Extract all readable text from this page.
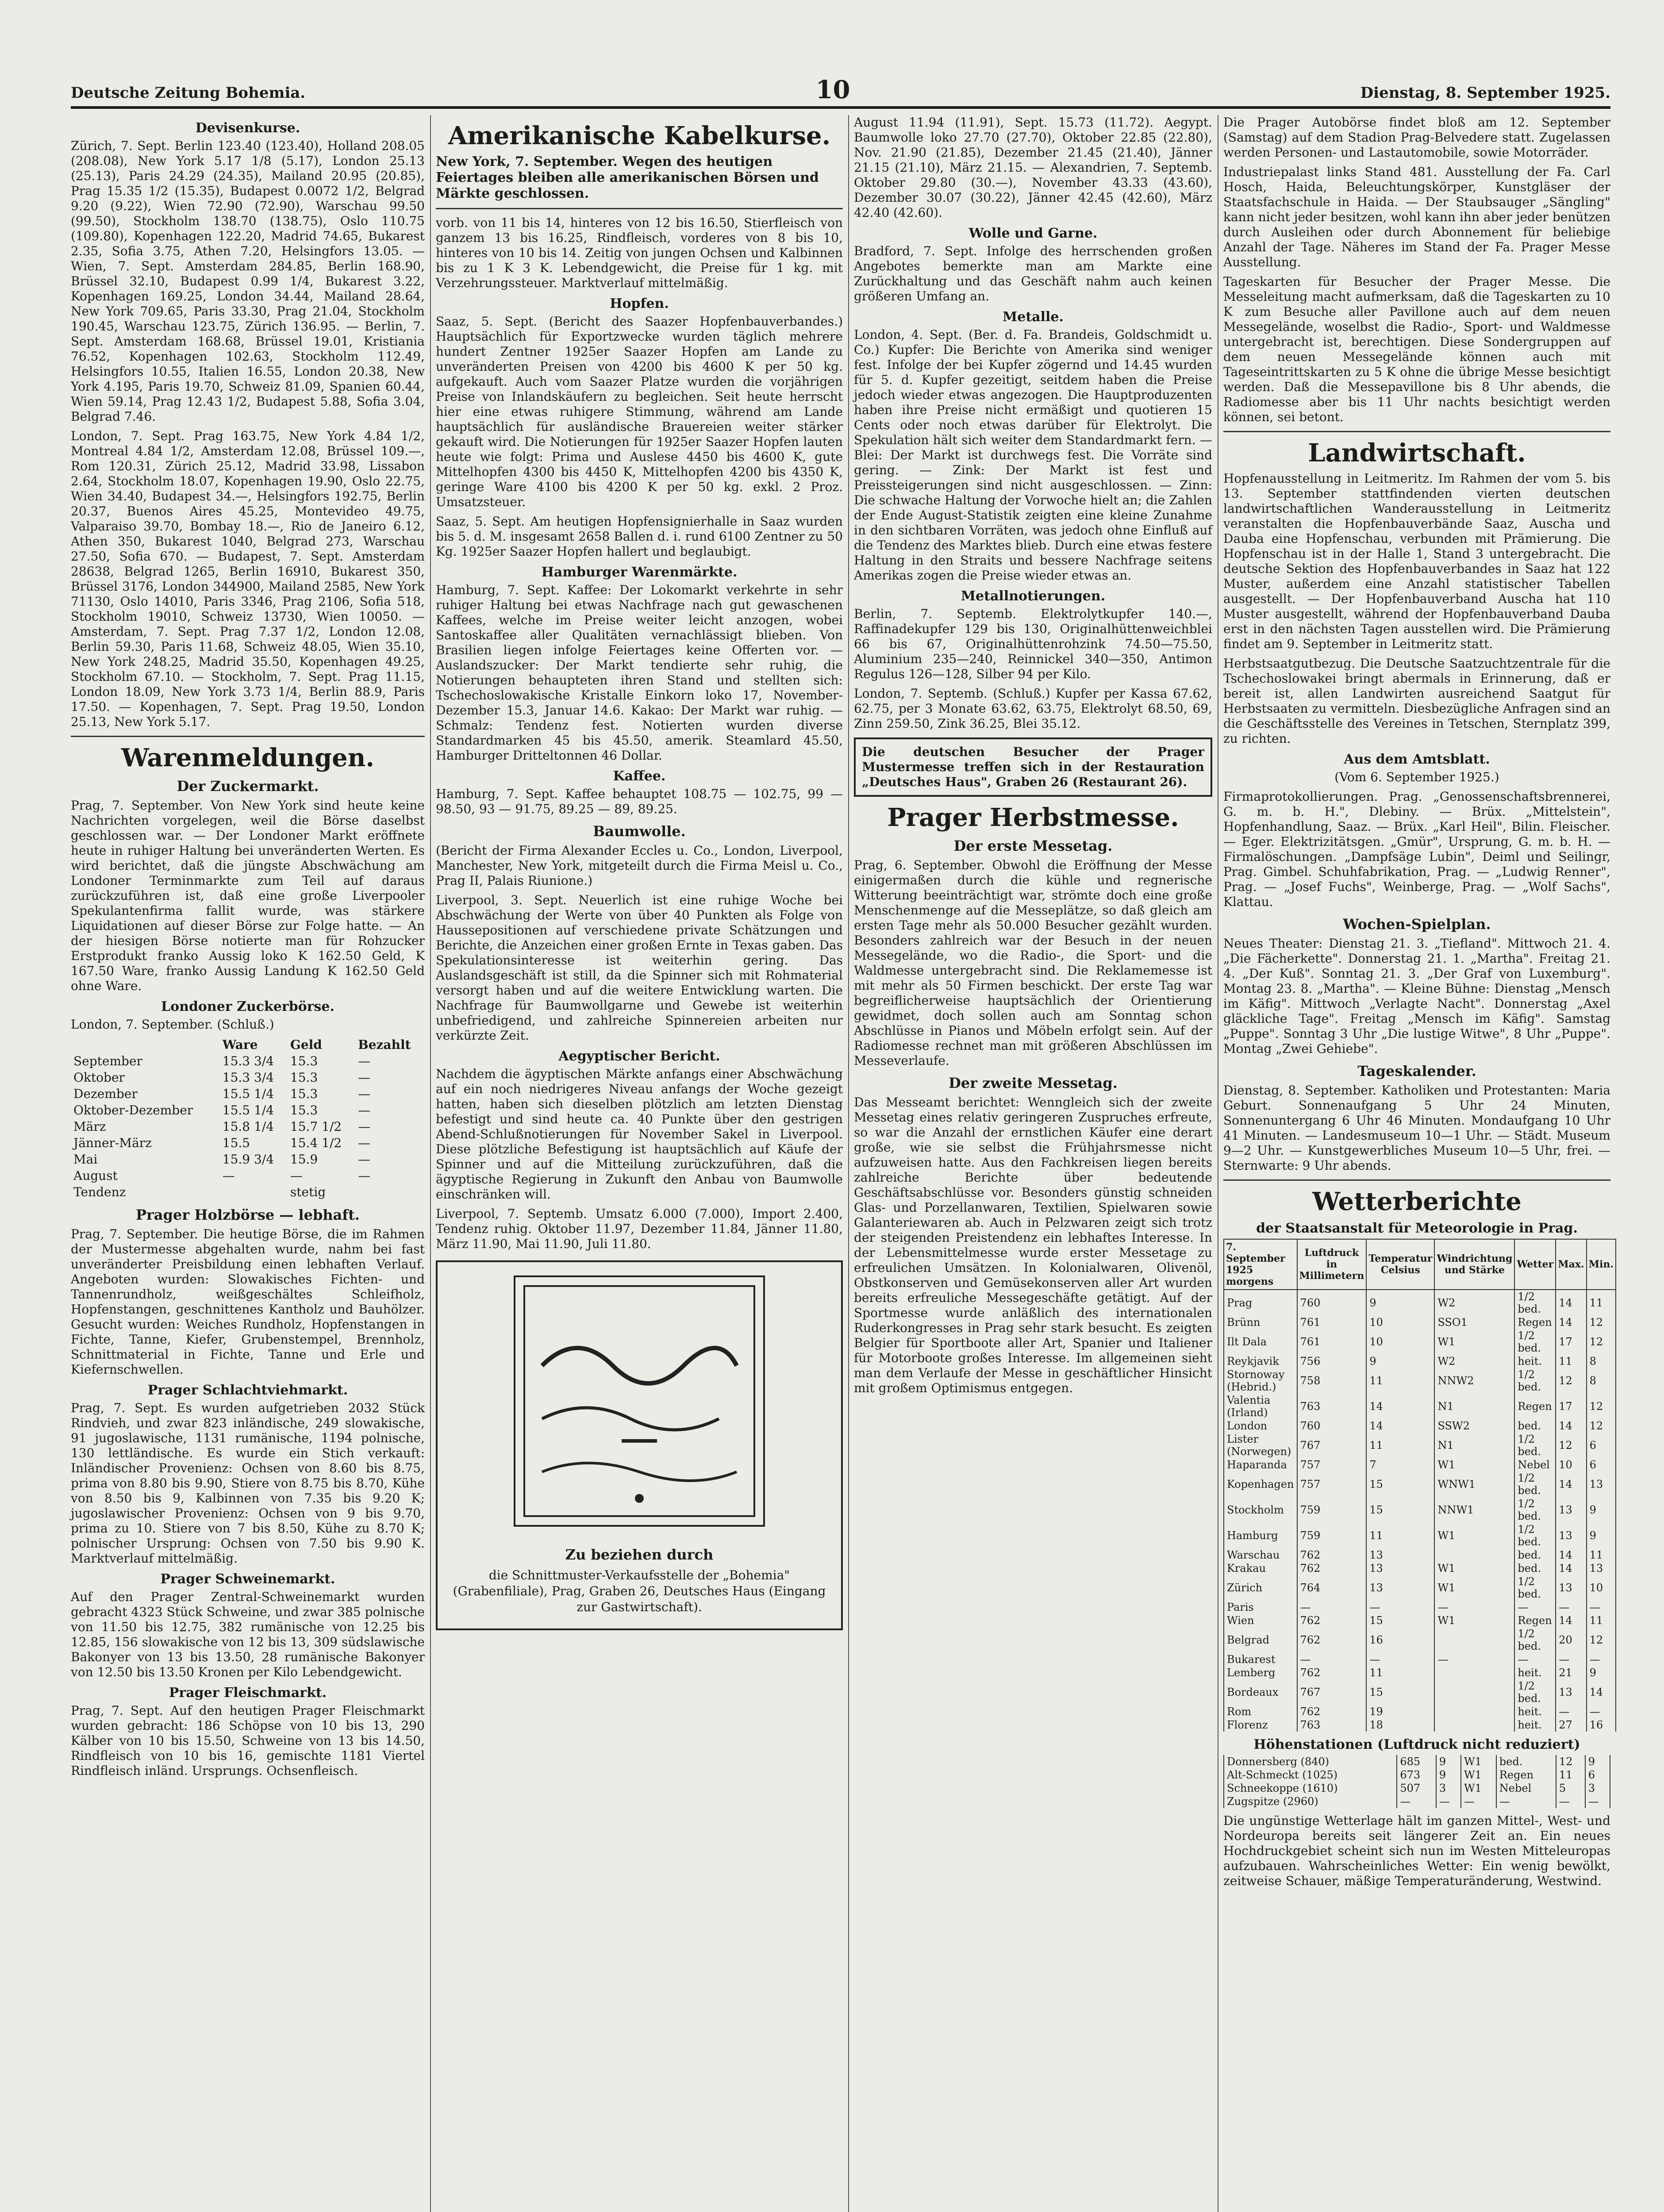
Deutsche Zeitung Bohemia.	10	Dienstag, 8. September 1925.
Devisenkurse.

Zürich, 7. Sept. Berlin 123.40 (123.40), Holland 208.05 (208.08), New York 5.17 1/8 (5.17), London 25.13 (25.13), Paris 24.29 (24.35), Mailand 20.95 (20.85), Prag 15.35 1/2 (15.35), Budapest 0.0072 1/2, Belgrad 9.20 (9.22), Wien 72.90 (72.90), Warschau 99.50 (99.50), Stockholm 138.70 (138.75), Oslo 110.75 (109.80), Kopenhagen 122.20, Madrid 74.65, Bukarest 2.35, Sofia 3.75, Athen 7.20, Helsingfors 13.05. — Wien, 7. Sept. Amsterdam 284.85, Berlin 168.90, Brüssel 32.10, Budapest 0.99 1/4, Bukarest 3.22, Kopenhagen 169.25, London 34.44, Mailand 28.64, New York 709.65, Paris 33.30, Prag 21.04, Stockholm 190.45, Warschau 123.75, Zürich 136.95. — Berlin, 7. Sept. Amsterdam 168.68, Brüssel 19.01, Kristiania 76.52, Kopenhagen 102.63, Stockholm 112.49, Helsingfors 10.55, Italien 16.55, London 20.38, New York 4.195, Paris 19.70, Schweiz 81.09, Spanien 60.44, Wien 59.14, Prag 12.43 1/2, Budapest 5.88, Sofia 3.04, Belgrad 7.46.

London, 7. Sept. Prag 163.75, New York 4.84 1/2, Montreal 4.84 1/2, Amsterdam 12.08, Brüssel 109.—, Rom 120.31, Zürich 25.12, Madrid 33.98, Lissabon 2.64, Stockholm 18.07, Kopenhagen 19.90, Oslo 22.75, Wien 34.40, Budapest 34.—, Helsingfors 192.75, Berlin 20.37, Buenos Aires 45.25, Montevideo 49.75, Valparaiso 39.70, Bombay 18.—, Rio de Janeiro 6.12, Athen 350, Bukarest 1040, Belgrad 273, Warschau 27.50, Sofia 670. — Budapest, 7. Sept. Amsterdam 28638, Belgrad 1265, Berlin 16910, Bukarest 350, Brüssel 3176, London 344900, Mailand 2585, New York 71130, Oslo 14010, Paris 3346, Prag 2106, Sofia 518, Stockholm 19010, Schweiz 13730, Wien 10050. — Amsterdam, 7. Sept. Prag 7.37 1/2, London 12.08, Berlin 59.30, Paris 11.68, Schweiz 48.05, Wien 35.10, New York 248.25, Madrid 35.50, Kopenhagen 49.25, Stockholm 67.10. — Stockholm, 7. Sept. Prag 11.15, London 18.09, New York 3.73 1/4, Berlin 88.9, Paris 17.50. — Kopenhagen, 7. Sept. Prag 19.50, London 25.13, New York 5.17.

Warenmeldungen.
Der Zuckermarkt.

Prag, 7. September. Von New York sind heute keine Nachrichten vorgelegen, weil die Börse daselbst geschlossen war. — Der Londoner Markt eröffnete heute in ruhiger Haltung bei unveränderten Werten. Es wird berichtet, daß die jüngste Abschwächung am Londoner Terminmarkte zum Teil auf daraus zurückzuführen ist, daß eine große Liverpooler Spekulantenfirma fallit wurde, was stärkere Liquidationen auf dieser Börse zur Folge hatte. — An der hiesigen Börse notierte man für Rohzucker Erstprodukt franko Aussig loko K 162.50 Geld, K 167.50 Ware, franko Aussig Landung K 162.50 Geld ohne Ware.

Londoner Zuckerbörse.

London, 7. September. (Schluß.)

	Ware	Geld	Bezahlt
September	15.3 3/4	15.3	—
Oktober	15.3 3/4	15.3	—
Dezember	15.5 1/4	15.3	—
Oktober-Dezember	15.5 1/4	15.3	—
März	15.8 1/4	15.7 1/2	—
Jänner-März	15.5	15.4 1/2	—
Mai	15.9 3/4	15.9	—
August	—	—	—
Tendenz		stetig	
Prager Holzbörse — lebhaft.

Prag, 7. September. Die heutige Börse, die im Rahmen der Mustermesse abgehalten wurde, nahm bei fast unveränderter Preisbildung einen lebhaften Verlauf. Angeboten wurden: Slowakisches Fichten- und Tannenrundholz, weißgeschältes Schleifholz, Hopfenstangen, geschnittenes Kantholz und Bauhölzer. Gesucht wurden: Weiches Rundholz, Hopfenstangen in Fichte, Tanne, Kiefer, Grubenstempel, Brennholz, Schnittmaterial in Fichte, Tanne und Erle und Kiefernschwellen.

Prager Schlachtviehmarkt.

Prag, 7. Sept. Es wurden aufgetrieben 2032 Stück Rindvieh, und zwar 823 inländische, 249 slowakische, 91 jugoslawische, 1131 rumänische, 1194 polnische, 130 lettländische. Es wurde ein Stich verkauft: Inländischer Provenienz: Ochsen von 8.60 bis 8.75, prima von 8.80 bis 9.90, Stiere von 8.75 bis 8.70, Kühe von 8.50 bis 9, Kalbinnen von 7.35 bis 9.20 K; jugoslawischer Provenienz: Ochsen von 9 bis 9.70, prima zu 10. Stiere von 7 bis 8.50, Kühe zu 8.70 K; polnischer Ursprung: Ochsen von 7.50 bis 9.90 K. Marktverlauf mittelmäßig.

Prager Schweinemarkt.

Auf den Prager Zentral-Schweinemarkt wurden gebracht 4323 Stück Schweine, und zwar 385 polnische von 11.50 bis 12.75, 382 rumänische von 12.25 bis 12.85, 156 slowakische von 12 bis 13, 309 südslawische Bakonyer von 13 bis 13.50, 28 rumänische Bakonyer von 12.50 bis 13.50 Kronen per Kilo Lebendgewicht.

Prager Fleischmarkt.

Prag, 7. Sept. Auf den heutigen Prager Fleischmarkt wurden gebracht: 186 Schöpse von 10 bis 13, 290 Kälber von 10 bis 15.50, Schweine von 13 bis 14.50, Rindfleisch von 10 bis 16, gemischte 1181 Viertel Rindfleisch inländ. Ursprungs. Ochsenfleisch.

Amerikanische Kabelkurse.

New York, 7. September. Wegen des heutigen Feiertages bleiben alle amerikanischen Börsen und Märkte geschlossen.

vorb. von 11 bis 14, hinteres von 12 bis 16.50, Stierfleisch von ganzem 13 bis 16.25, Rindfleisch, vorderes von 8 bis 10, hinteres von 10 bis 14. Zeitig von jungen Ochsen und Kalbinnen bis zu 1 K 3 K. Lebendgewicht, die Preise für 1 kg. mit Verzehrungssteuer. Marktverlauf mittelmäßig.

Hopfen.

Saaz, 5. Sept. (Bericht des Saazer Hopfenbauverbandes.) Hauptsächlich für Exportzwecke wurden täglich mehrere hundert Zentner 1925er Saazer Hopfen am Lande zu unveränderten Preisen von 4200 bis 4600 K per 50 kg. aufgekauft. Auch vom Saazer Platze wurden die vorjährigen Preise von Inlandskäufern zu begleichen. Seit heute herrscht hier eine etwas ruhigere Stimmung, während am Lande hauptsächlich für ausländische Brauereien weiter stärker gekauft wird. Die Notierungen für 1925er Saazer Hopfen lauten heute wie folgt: Prima und Auslese 4450 bis 4600 K, gute Mittelhopfen 4300 bis 4450 K, Mittelhopfen 4200 bis 4350 K, geringe Ware 4100 bis 4200 K per 50 kg. exkl. 2 Proz. Umsatzsteuer.

Saaz, 5. Sept. Am heutigen Hopfensignierhalle in Saaz wurden bis 5. d. M. insgesamt 2658 Ballen d. i. rund 6100 Zentner zu 50 Kg. 1925er Saazer Hopfen hallert und beglaubigt.

Hamburger Warenmärkte.

Hamburg, 7. Sept. Kaffee: Der Lokomarkt verkehrte in sehr ruhiger Haltung bei etwas Nachfrage nach gut gewaschenen Kaffees, welche im Preise weiter leicht anzogen, wobei Santoskaffee aller Qualitäten vernachlässigt blieben. Von Brasilien liegen infolge Feiertages keine Offerten vor. — Auslandszucker: Der Markt tendierte sehr ruhig, die Notierungen behaupteten ihren Stand und stellten sich: Tschechoslowakische Kristalle Einkorn loko 17, November-Dezember 15.3, Januar 14.6. Kakao: Der Markt war ruhig. — Schmalz: Tendenz fest. Notierten wurden diverse Standardmarken 45 bis 45.50, amerik. Steamlard 45.50, Hamburger Dritteltonnen 46 Dollar.

Kaffee.

Hamburg, 7. Sept. Kaffee behauptet 108.75 — 102.75, 99 — 98.50, 93 — 91.75, 89.25 — 89, 89.25.

Baumwolle.

(Bericht der Firma Alexander Eccles u. Co., London, Liverpool, Manchester, New York, mitgeteilt durch die Firma Meisl u. Co., Prag II, Palais Riunione.)

Liverpool, 3. Sept. Neuerlich ist eine ruhige Woche bei Abschwächung der Werte von über 40 Punkten als Folge von Haussepositionen auf verschiedene private Schätzungen und Berichte, die Anzeichen einer großen Ernte in Texas gaben. Das Spekulationsinteresse ist weiterhin gering. Das Auslandsgeschäft ist still, da die Spinner sich mit Rohmaterial versorgt haben und auf die weitere Entwicklung warten. Die Nachfrage für Baumwollgarne und Gewebe ist weiterhin unbefriedigend, und zahlreiche Spinnereien arbeiten nur verkürzte Zeit.

Aegyptischer Bericht.

Nachdem die ägyptischen Märkte anfangs einer Abschwächung auf ein noch niedrigeres Niveau anfangs der Woche gezeigt hatten, haben sich dieselben plötzlich am letzten Dienstag befestigt und sind heute ca. 40 Punkte über den gestrigen Abend-Schlußnotierungen für November Sakel in Liverpool. Diese plötzliche Befestigung ist hauptsächlich auf Käufe der Spinner und auf die Mitteilung zurückzuführen, daß die ägyptische Regierung in Zukunft den Anbau von Baumwolle einschränken will.

Liverpool, 7. Septemb. Umsatz 6.000 (7.000), Import 2.400, Tendenz ruhig. Oktober 11.97, Dezember 11.84, Jänner 11.80, März 11.90, Mai 11.90, Juli 11.80.

Zu beziehen durch
die Schnittmuster-Verkaufsstelle der „Bohemia" (Grabenfiliale), Prag, Graben 26, Deutsches Haus (Eingang zur Gastwirtschaft).

August 11.94 (11.91), Sept. 15.73 (11.72). Aegypt. Baumwolle loko 27.70 (27.70), Oktober 22.85 (22.80), Nov. 21.90 (21.85), Dezember 21.45 (21.40), Jänner 21.15 (21.10), März 21.15. — Alexandrien, 7. Septemb. Oktober 29.80 (30.—), November 43.33 (43.60), Dezember 30.07 (30.22), Jänner 42.45 (42.60), März 42.40 (42.60).

Wolle und Garne.

Bradford, 7. Sept. Infolge des herrschenden großen Angebotes bemerkte man am Markte eine Zurückhaltung und das Geschäft nahm auch keinen größeren Umfang an.

Metalle.

London, 4. Sept. (Ber. d. Fa. Brandeis, Goldschmidt u. Co.) Kupfer: Die Berichte von Amerika sind weniger fest. Infolge der bei Kupfer zögernd und 14.45 wurden für 5. d. Kupfer gezeitigt, seitdem haben die Preise jedoch wieder etwas angezogen. Die Hauptproduzenten haben ihre Preise nicht ermäßigt und quotieren 15 Cents oder noch etwas darüber für Elektrolyt. Die Spekulation hält sich weiter dem Standardmarkt fern. — Blei: Der Markt ist durchwegs fest. Die Vorräte sind gering. — Zink: Der Markt ist fest und Preissteigerungen sind nicht ausgeschlossen. — Zinn: Die schwache Haltung der Vorwoche hielt an; die Zahlen der Ende August-Statistik zeigten eine kleine Zunahme in den sichtbaren Vorräten, was jedoch ohne Einfluß auf die Tendenz des Marktes blieb. Durch eine etwas festere Haltung in den Straits und bessere Nachfrage seitens Amerikas zogen die Preise wieder etwas an.

Metallnotierungen.

Berlin, 7. Septemb. Elektrolytkupfer 140.—, Raffinadekupfer 129 bis 130, Originalhüttenweichblei 66 bis 67, Originalhüttenrohzink 74.50—75.50, Aluminium 235—240, Reinnickel 340—350, Antimon Regulus 126—128, Silber 94 per Kilo.

London, 7. Septemb. (Schluß.) Kupfer per Kassa 67.62, 62.75, per 3 Monate 63.62, 63.75, Elektrolyt 68.50, 69, Zinn 259.50, Zink 36.25, Blei 35.12.

Die deutschen Besucher der Prager Mustermesse treffen sich in der Restauration „Deutsches Haus", Graben 26 (Restaurant 26).

Prager Herbstmesse.
Der erste Messetag.

Prag, 6. September. Obwohl die Eröffnung der Messe einigermaßen durch die kühle und regnerische Witterung beeinträchtigt war, strömte doch eine große Menschenmenge auf die Messeplätze, so daß gleich am ersten Tage mehr als 50.000 Besucher gezählt wurden. Besonders zahlreich war der Besuch in der neuen Messegelände, wo die Radio-, die Sport- und die Waldmesse untergebracht sind. Die Reklamemesse ist mit mehr als 50 Firmen beschickt. Der erste Tag war begreiflicherweise hauptsächlich der Orientierung gewidmet, doch sollen auch am Sonntag schon Abschlüsse in Pianos und Möbeln erfolgt sein. Auf der Radiomesse rechnet man mit größeren Abschlüssen im Messeverlaufe.

Der zweite Messetag.

Das Messeamt berichtet: Wenngleich sich der zweite Messetag eines relativ geringeren Zuspruches erfreute, so war die Anzahl der ernstlichen Käufer eine derart große, wie sie selbst die Frühjahrsmesse nicht aufzuweisen hatte. Aus den Fachkreisen liegen bereits zahlreiche Berichte über bedeutende Geschäftsabschlüsse vor. Besonders günstig schneiden Glas- und Porzellanwaren, Textilien, Spielwaren sowie Galanteriewaren ab. Auch in Pelzwaren zeigt sich trotz der steigenden Preistendenz ein lebhaftes Interesse. In der Lebensmittelmesse wurde erster Messetage zu erfreulichen Umsätzen. In Kolonialwaren, Olivenöl, Obstkonserven und Gemüsekonserven aller Art wurden bereits erfreuliche Messegeschäfte getätigt. Auf der Sportmesse wurde anläßlich des internationalen Ruderkongresses in Prag sehr stark besucht. Es zeigten Belgier für Sportboote aller Art, Spanier und Italiener für Motorboote großes Interesse. Im allgemeinen sieht man dem Verlaufe der Messe in geschäftlicher Hinsicht mit großem Optimismus entgegen.

Die Prager Autobörse findet bloß am 12. September (Samstag) auf dem Stadion Prag-Belvedere statt. Zugelassen werden Personen- und Lastautomobile, sowie Motorräder.

Industriepalast links Stand 481. Ausstellung der Fa. Carl Hosch, Haida, Beleuchtungskörper, Kunstgläser der Staatsfachschule in Haida. — Der Staubsauger „Sängling" kann nicht jeder besitzen, wohl kann ihn aber jeder benützen durch Ausleihen oder durch Abonnement für beliebige Anzahl der Tage. Näheres im Stand der Fa. Prager Messe Ausstellung.

Tageskarten für Besucher der Prager Messe. Die Messeleitung macht aufmerksam, daß die Tageskarten zu 10 K zum Besuche aller Pavillone auch auf dem neuen Messegelände, woselbst die Radio-, Sport- und Waldmesse untergebracht ist, berechtigen. Diese Sondergruppen auf dem neuen Messegelände können auch mit Tageseintrittskarten zu 5 K ohne die übrige Messe besichtigt werden. Daß die Messepavillone bis 8 Uhr abends, die Radiomesse aber bis 11 Uhr nachts besichtigt werden können, sei betont.

Landwirtschaft.

Hopfenausstellung in Leitmeritz. Im Rahmen der vom 5. bis 13. September stattfindenden vierten deutschen landwirtschaftlichen Wanderausstellung in Leitmeritz veranstalten die Hopfenbauverbände Saaz, Auscha und Dauba eine Hopfenschau, verbunden mit Prämierung. Die Hopfenschau ist in der Halle 1, Stand 3 untergebracht. Die deutsche Sektion des Hopfenbauverbandes in Saaz hat 122 Muster, außerdem eine Anzahl statistischer Tabellen ausgestellt. — Der Hopfenbauverband Auscha hat 110 Muster ausgestellt, während der Hopfenbauverband Dauba erst in den nächsten Tagen ausstellen wird. Die Prämierung findet am 9. September in Leitmeritz statt.

Herbstsaatgutbezug. Die Deutsche Saatzuchtzentrale für die Tschechoslowakei bringt abermals in Erinnerung, daß er bereit ist, allen Landwirten ausreichend Saatgut für Herbstsaaten zu vermitteln. Diesbezügliche Anfragen sind an die Geschäftsstelle des Vereines in Tetschen, Sternplatz 399, zu richten.

Aus dem Amtsblatt.
(Vom 6. September 1925.)

Firmaprotokollierungen. Prag. „Genossenschaftsbrennerei, G. m. b. H.", Dlebiny. — Brüx. „Mittelstein", Hopfenhandlung, Saaz. — Brüx. „Karl Heil", Bilin. Fleischer. — Eger. Elektrizitätsgen. „Gmür", Ursprung, G. m. b. H. — Firmalöschungen. „Dampfsäge Lubin", Deiml und Seilingr, Prag. Gimbel. Schuhfabrikation, Prag. — „Ludwig Renner", Prag. — „Josef Fuchs", Weinberge, Prag. — „Wolf Sachs", Klattau.

Wochen-Spielplan.

Neues Theater: Dienstag 21. 3. „Tiefland". Mittwoch 21. 4. „Die Fächerkette". Donnerstag 21. 1. „Martha". Freitag 21. 4. „Der Kuß". Sonntag 21. 3. „Der Graf von Luxemburg". Montag 23. 8. „Martha". — Kleine Bühne: Dienstag „Mensch im Käfig". Mittwoch „Verlagte Nacht". Donnerstag „Axel gläckliche Tage". Freitag „Mensch im Käfig". Samstag „Puppe". Sonntag 3 Uhr „Die lustige Witwe", 8 Uhr „Puppe". Montag „Zwei Gehiebe".

Tageskalender.

Dienstag, 8. September. Katholiken und Protestanten: Maria Geburt. Sonnenaufgang 5 Uhr 24 Minuten, Sonnenuntergang 6 Uhr 46 Minuten. Mondaufgang 10 Uhr 41 Minuten. — Landesmuseum 10—1 Uhr. — Städt. Museum 9—2 Uhr. — Kunstgewerbliches Museum 10—5 Uhr, frei. — Sternwarte: 9 Uhr abends.

Wetterberichte
der Staatsanstalt für Meteorologie in Prag.
7. September 1925
morgens	Luftdruck in Millimetern	Temperatur Celsius	Windrichtung und Stärke	Wetter	Max.	Min.
Prag	760	9	W2	1/2 bed.	14	11
Brünn	761	10	SSO1	Regen	14	12
Ilt Dala	761	10	W1	1/2 bed.	17	12
Reykjavik	756	9	W2	heit.	11	8
Stornoway (Hebrid.)	758	11	NNW2	1/2 bed.	12	8
Valentia (Irland)	763	14	N1	Regen	17	12
London	760	14	SSW2	bed.	14	12
Lister (Norwegen)	767	11	N1	1/2 bed.	12	6
Haparanda	757	7	W1	Nebel	10	6
Kopenhagen	757	15	WNW1	1/2 bed.	14	13
Stockholm	759	15	NNW1	1/2 bed.	13	9
Hamburg	759	11	W1	1/2 bed.	13	9
Warschau	762	13		bed.	14	11
Krakau	762	13	W1	bed.	14	13
Zürich	764	13	W1	1/2 bed.	13	10
Paris	—	—	—	—	—	—
Wien	762	15	W1	Regen	14	11
Belgrad	762	16		1/2 bed.	20	12
Bukarest	—	—	—	—	—	—
Lemberg	762	11		heit.	21	9
Bordeaux	767	15		1/2 bed.	13	14
Rom	762	19		heit.	—	—
Florenz	763	18		heit.	27	16
Höhenstationen (Luftdruck nicht reduziert)
Donnersberg (840)	685	9	W1	bed.	12	9
Alt-Schmeckt (1025)	673	9	W1	Regen	11	6
Schneekoppe (1610)	507	3	W1	Nebel	5	3
Zugspitze (2960)	—	—	—	—	—	—

Die ungünstige Wetterlage hält im ganzen Mittel-, West- und Nordeuropa bereits seit längerer Zeit an. Ein neues Hochdruckgebiet scheint sich nun im Westen Mitteleuropas aufzubauen. Wahrscheinliches Wetter: Ein wenig bewölkt, zeitweise Schauer, mäßige Temperaturänderung, Westwind.
